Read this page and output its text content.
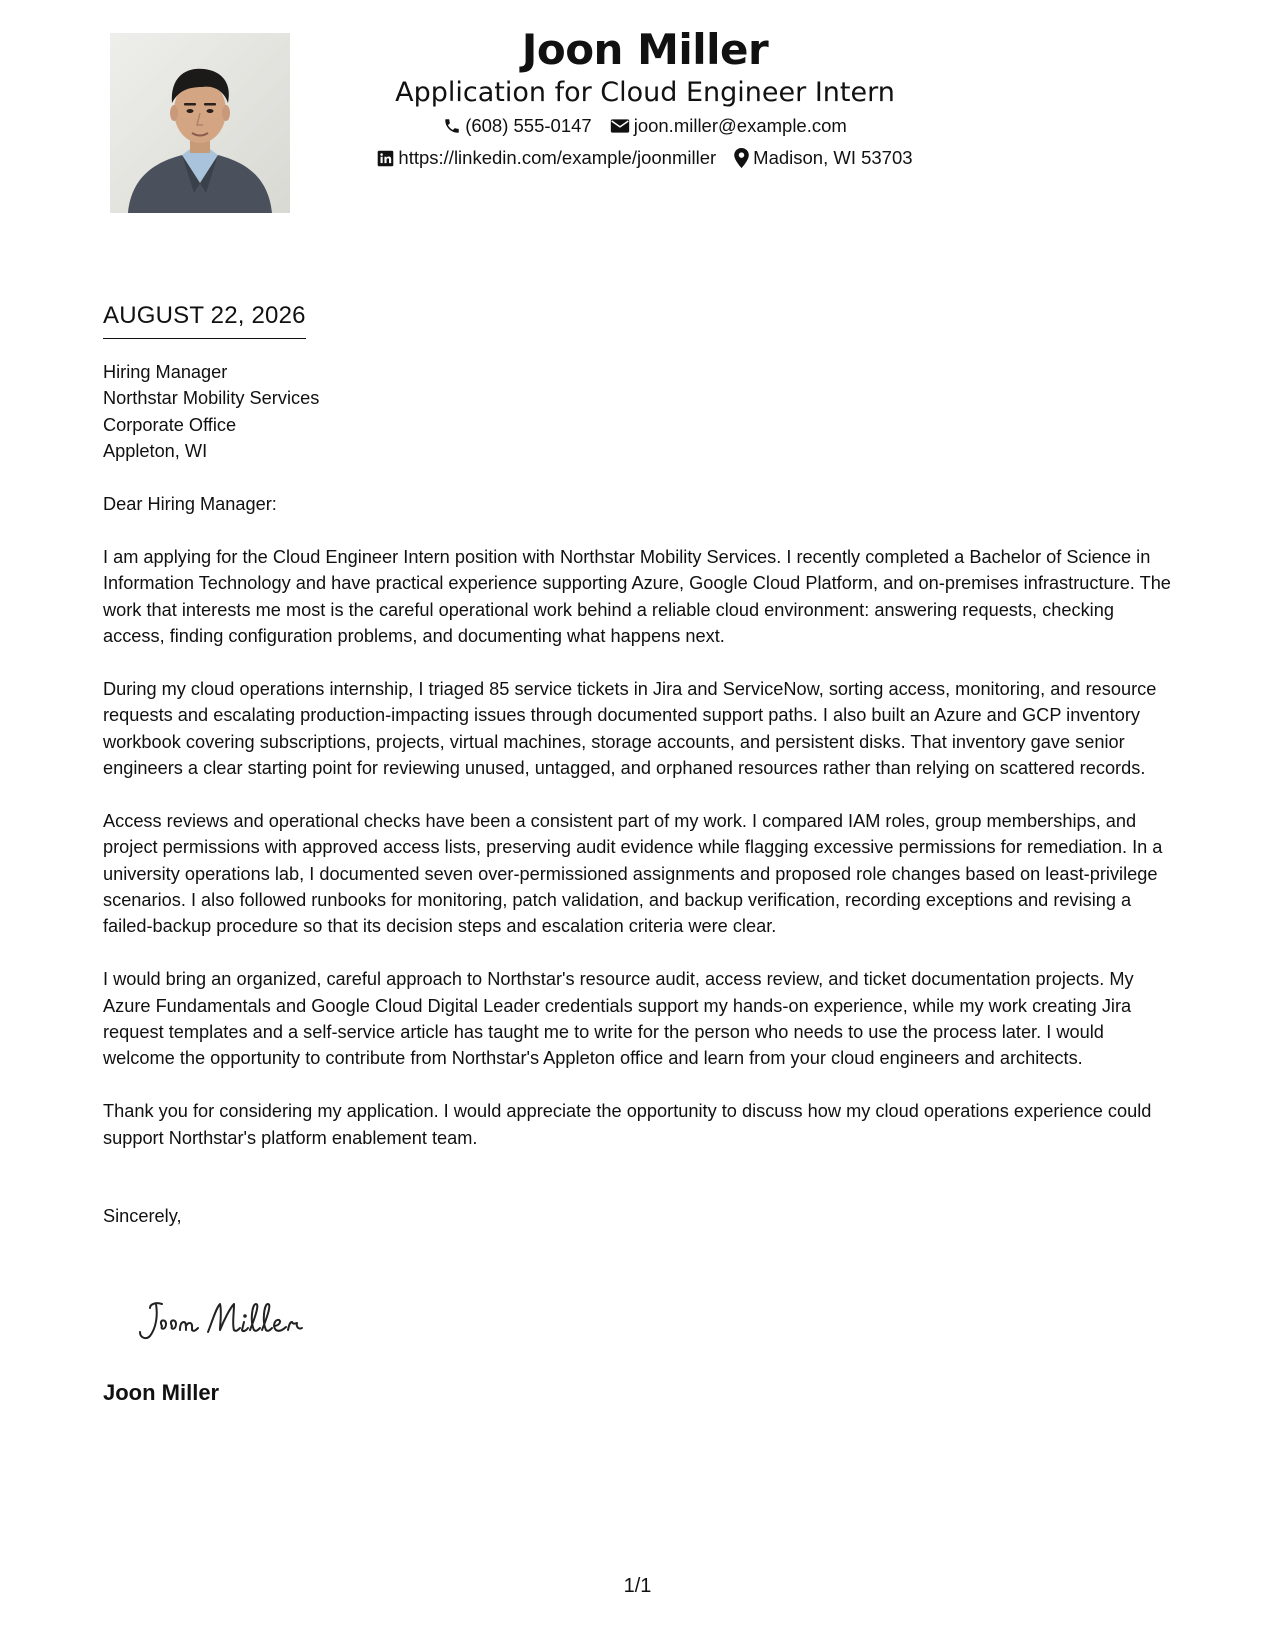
Joon Miller
Application for Cloud Engineer Intern
(608) 555-0147 joon.miller@example.com
https://linkedin.com/example/joonmiller Madison, WI 53703
AUGUST 22, 2026
Hiring Manager
Northstar Mobility Services
Corporate Office
Appleton, WI

Dear Hiring Manager:

I am applying for the Cloud Engineer Intern position with Northstar Mobility Services. I recently completed a Bachelor of Science in Information Technology and have practical experience supporting Azure, Google Cloud Platform, and on-premises infrastructure. The work that interests me most is the careful operational work behind a reliable cloud environment: answering requests, checking access, finding configuration problems, and documenting what happens next.

During my cloud operations internship, I triaged 85 service tickets in Jira and ServiceNow, sorting access, monitoring, and resource requests and escalating production-impacting issues through documented support paths. I also built an Azure and GCP inventory workbook covering subscriptions, projects, virtual machines, storage accounts, and persistent disks. That inventory gave senior engineers a clear starting point for reviewing unused, untagged, and orphaned resources rather than relying on scattered records.

Access reviews and operational checks have been a consistent part of my work. I compared IAM roles, group memberships, and project permissions with approved access lists, preserving audit evidence while flagging excessive permissions for remediation. In a university operations lab, I documented seven over-permissioned assignments and proposed role changes based on least-privilege scenarios. I also followed runbooks for monitoring, patch validation, and backup verification, recording exceptions and revising a failed-backup procedure so that its decision steps and escalation criteria were clear.

I would bring an organized, careful approach to Northstar's resource audit, access review, and ticket documentation projects. My Azure Fundamentals and Google Cloud Digital Leader credentials support my hands-on experience, while my work creating Jira request templates and a self-service article has taught me to write for the person who needs to use the process later. I would welcome the opportunity to contribute from Northstar's Appleton office and learn from your cloud engineers and architects.

Thank you for considering my application. I would appreciate the opportunity to discuss how my cloud operations experience could support Northstar's platform enablement team.

Sincerely,
Joon Miller
1/1
